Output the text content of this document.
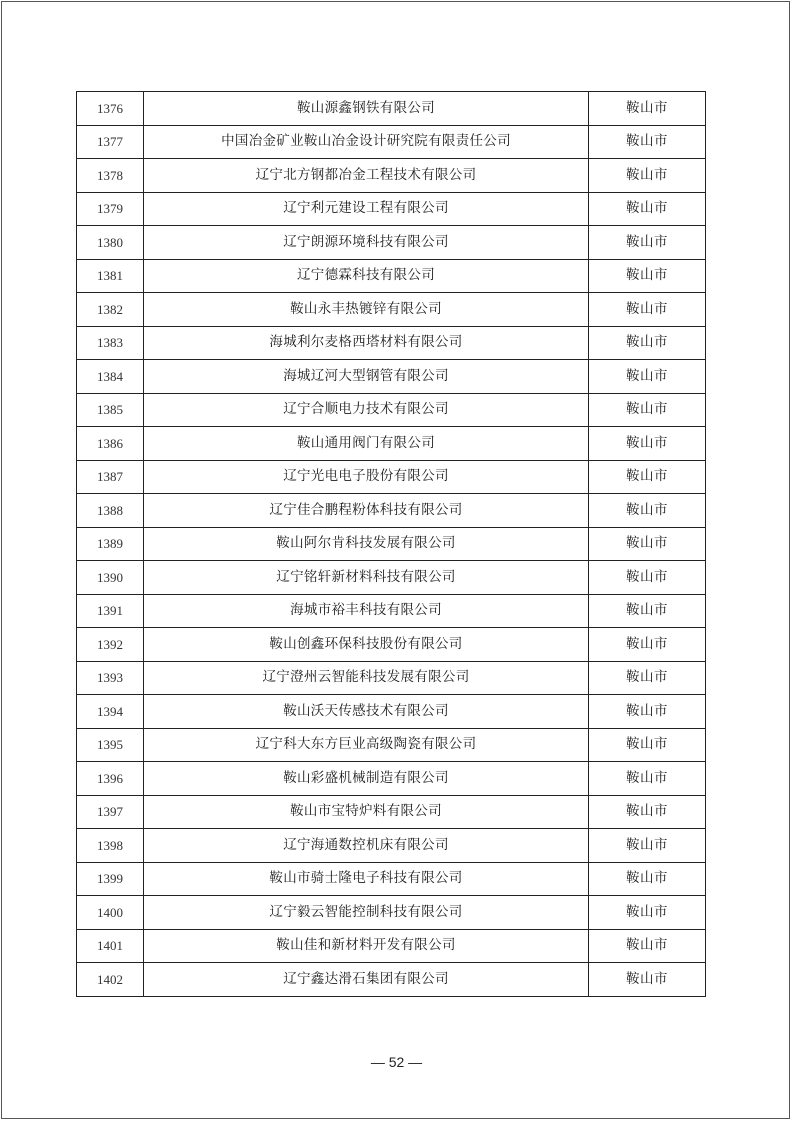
1376	鞍山源鑫钢铁有限公司	鞍山市
1377	中国冶金矿业鞍山冶金设计研究院有限责任公司	鞍山市
1378	辽宁北方钢都冶金工程技术有限公司	鞍山市
1379	辽宁利元建设工程有限公司	鞍山市
1380	辽宁朗源环境科技有限公司	鞍山市
1381	辽宁德霖科技有限公司	鞍山市
1382	鞍山永丰热镀锌有限公司	鞍山市
1383	海城利尔麦格西塔材料有限公司	鞍山市
1384	海城辽河大型钢管有限公司	鞍山市
1385	辽宁合顺电力技术有限公司	鞍山市
1386	鞍山通用阀门有限公司	鞍山市
1387	辽宁光电电子股份有限公司	鞍山市
1388	辽宁佳合鹏程粉体科技有限公司	鞍山市
1389	鞍山阿尔肯科技发展有限公司	鞍山市
1390	辽宁铭轩新材料科技有限公司	鞍山市
1391	海城市裕丰科技有限公司	鞍山市
1392	鞍山创鑫环保科技股份有限公司	鞍山市
1393	辽宁澄州云智能科技发展有限公司	鞍山市
1394	鞍山沃天传感技术有限公司	鞍山市
1395	辽宁科大东方巨业高级陶瓷有限公司	鞍山市
1396	鞍山彩盛机械制造有限公司	鞍山市
1397	鞍山市宝特炉料有限公司	鞍山市
1398	辽宁海通数控机床有限公司	鞍山市
1399	鞍山市骑士隆电子科技有限公司	鞍山市
1400	辽宁毅云智能控制科技有限公司	鞍山市
1401	鞍山佳和新材料开发有限公司	鞍山市
1402	辽宁鑫达滑石集团有限公司	鞍山市
— 52 —
